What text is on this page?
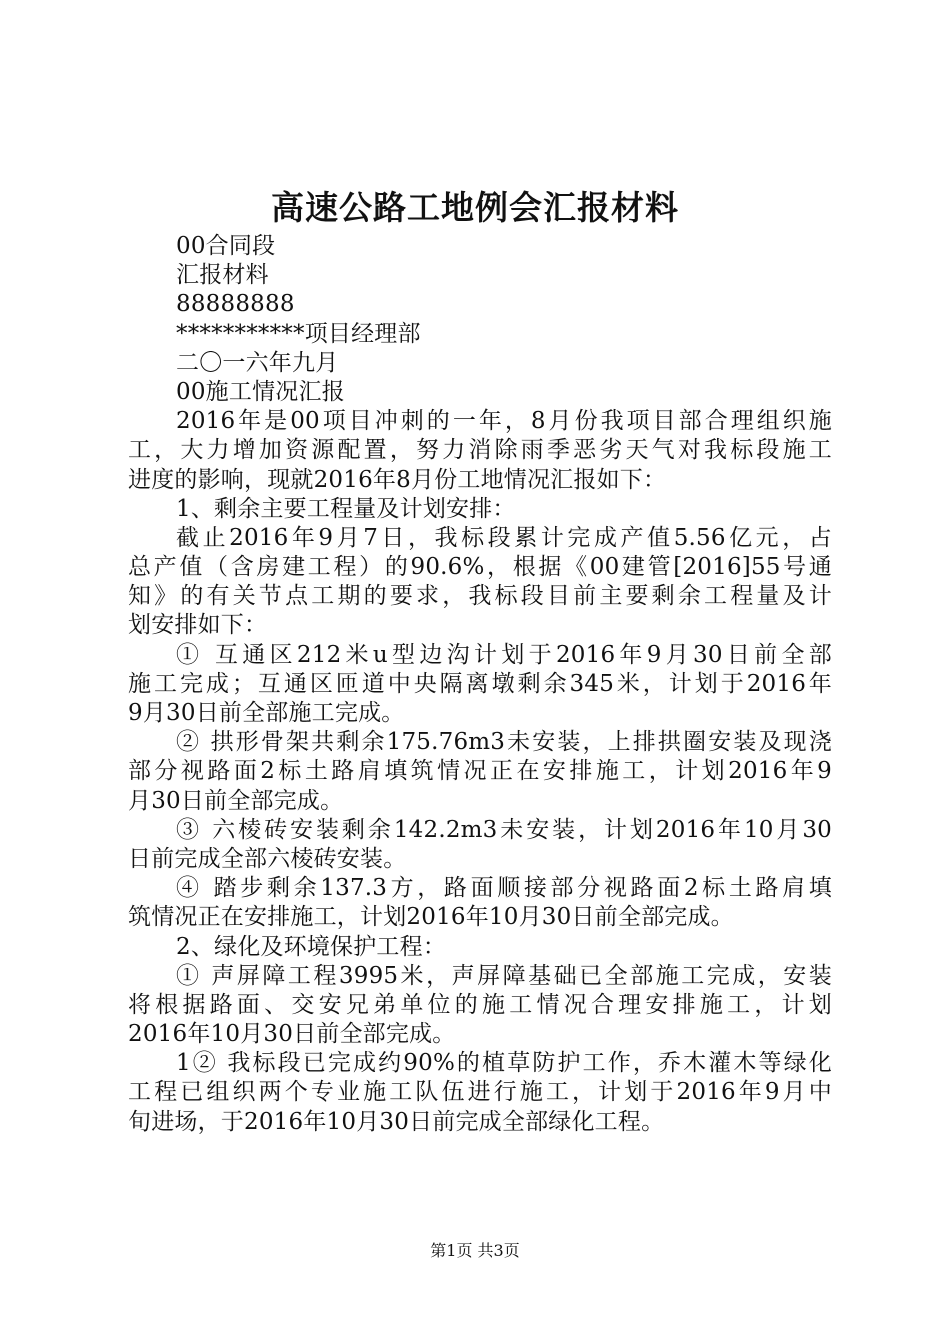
高速公路工地例会汇报材料
00合同段
汇报材料
88888888
***********项目经理部
二〇一六年九月
00施工情况汇报
2016年是00项目冲刺的一年，8月份我项目部合理组织施
工，大力增加资源配置，努力消除雨季恶劣天气对我标段施工
进度的影响，现就2016年8月份工地情况汇报如下：
1、剩余主要工程量及计划安排：
截止2016年9月7日，我标段累计完成产值5.56亿元，占
总产值（含房建工程）的90.6%，根据《00建管[2016]55号通
知》的有关节点工期的要求，我标段目前主要剩余工程量及计
划安排如下：
① 互通区212米u型边沟计划于2016年9月30日前全部
施工完成；互通区匝道中央隔离墩剩余345米，计划于2016年
9月30日前全部施工完成。
② 拱形骨架共剩余175.76m3未安装，上排拱圈安装及现浇
部分视路面2标土路肩填筑情况正在安排施工，计划2016年9
月30日前全部完成。
③ 六棱砖安装剩余142.2m3未安装，计划2016年10月30
日前完成全部六棱砖安装。
④ 踏步剩余137.3方，路面顺接部分视路面2标土路肩填
筑情况正在安排施工，计划2016年10月30日前全部完成。
2、绿化及环境保护工程：
① 声屏障工程3995米，声屏障基础已全部施工完成，安装
将根据路面、交安兄弟单位的施工情况合理安排施工，计划
2016年10月30日前全部完成。
1② 我标段已完成约90%的植草防护工作，乔木灌木等绿化
工程已组织两个专业施工队伍进行施工，计划于2016年9月中
旬进场，于2016年10月30日前完成全部绿化工程。
第1页 共3页
